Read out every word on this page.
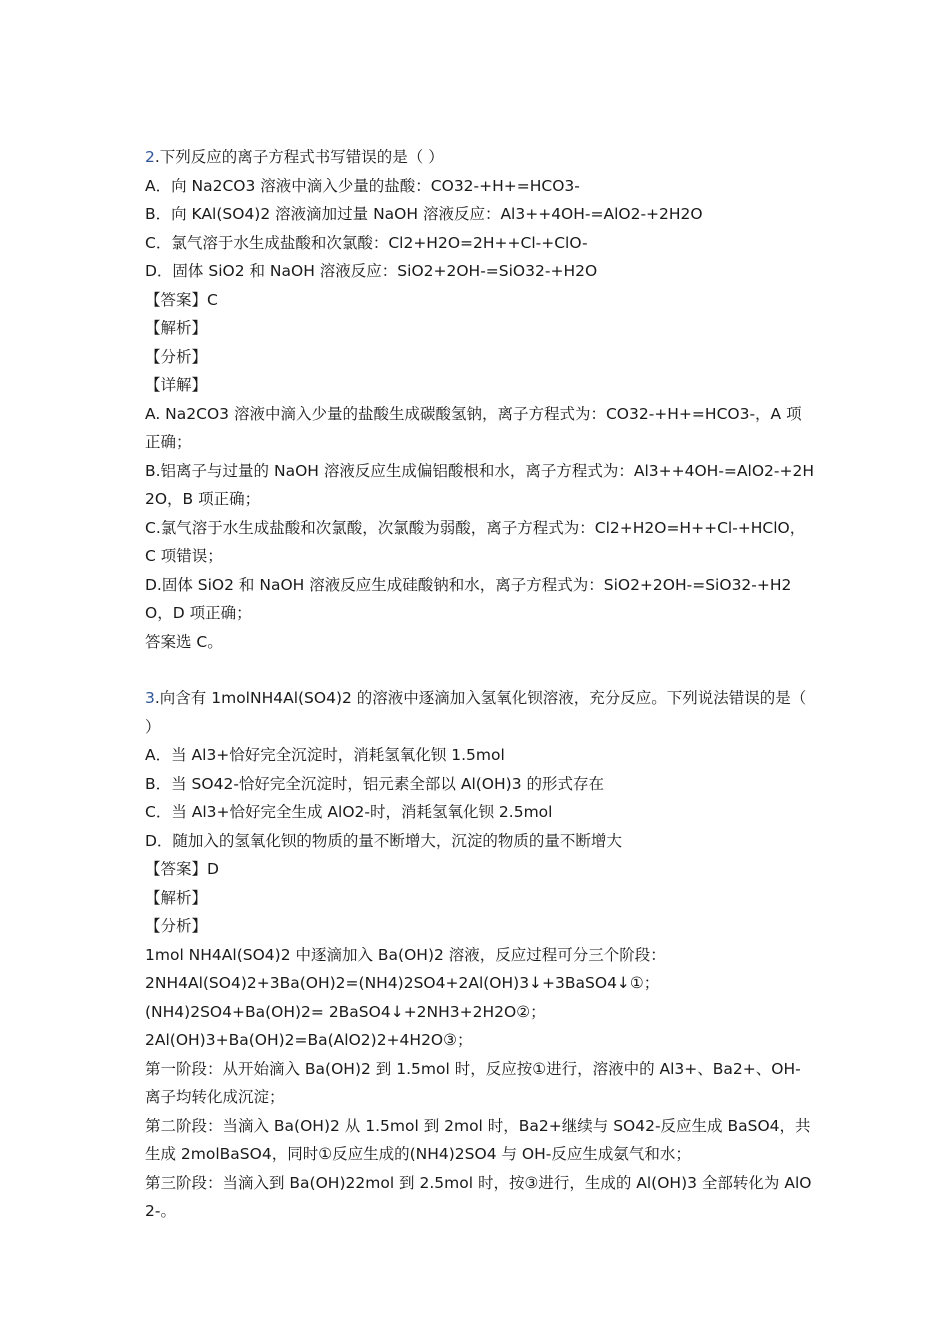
2.下列反应的离子方程式书写错误的是（ ）
A．向 Na2CO3 溶液中滴入少量的盐酸：CO32-+H+=HCO3-
B．向 KAl(SO4)2 溶液滴加过量 NaOH 溶液反应：Al3++4OH-=AlO2-+2H2O
C．氯气溶于水生成盐酸和次氯酸：Cl2+H2O=2H++Cl-+ClO-
D．固体 SiO2 和 NaOH 溶液反应：SiO2+2OH-=SiO32-+H2O
【答案】C
【解析】
【分析】
【详解】
A. Na2CO3 溶液中滴入少量的盐酸生成碳酸氢钠，离子方程式为：CO32-+H+=HCO3-，A 项正确；
B.铝离子与过量的 NaOH 溶液反应生成偏铝酸根和水，离子方程式为：Al3++4OH-=AlO2-+2H2O，B 项正确；
C.氯气溶于水生成盐酸和次氯酸，次氯酸为弱酸，离子方程式为：Cl2+H2O=H++Cl-+HClO，C 项错误；
D.固体 SiO2 和 NaOH 溶液反应生成硅酸钠和水，离子方程式为：SiO2+2OH-=SiO32-+H2O，D 项正确；
答案选 C。
3.向含有 1molNH4Al(SO4)2 的溶液中逐滴加入氢氧化钡溶液，充分反应。下列说法错误的是（ ）
A．当 Al3+恰好完全沉淀时，消耗氢氧化钡 1.5mol
B．当 SO42-恰好完全沉淀时，铝元素全部以 Al(OH)3 的形式存在
C．当 Al3+恰好完全生成 AlO2-时，消耗氢氧化钡 2.5mol
D．随加入的氢氧化钡的物质的量不断增大，沉淀的物质的量不断增大
【答案】D
【解析】
【分析】
1mol NH4Al(SO4)2 中逐滴加入 Ba(OH)2 溶液，反应过程可分三个阶段：
2NH4Al(SO4)2+3Ba(OH)2=(NH4)2SO4+2Al(OH)3↓+3BaSO4↓①；
(NH4)2SO4+Ba(OH)2= 2BaSO4↓+2NH3+2H2O②；
2Al(OH)3+Ba(OH)2=Ba(AlO2)2+4H2O③；
第一阶段：从开始滴入 Ba(OH)2 到 1.5mol 时，反应按①进行，溶液中的 Al3+、Ba2+、OH-离子均转化成沉淀；
第二阶段：当滴入 Ba(OH)2 从 1.5mol 到 2mol 时，Ba2+继续与 SO42-反应生成 BaSO4，共生成 2molBaSO4，同时①反应生成的(NH4)2SO4 与 OH-反应生成氨气和水；
第三阶段：当滴入到 Ba(OH)22mol 到 2.5mol 时，按③进行，生成的 Al(OH)3 全部转化为 AlO2-。
